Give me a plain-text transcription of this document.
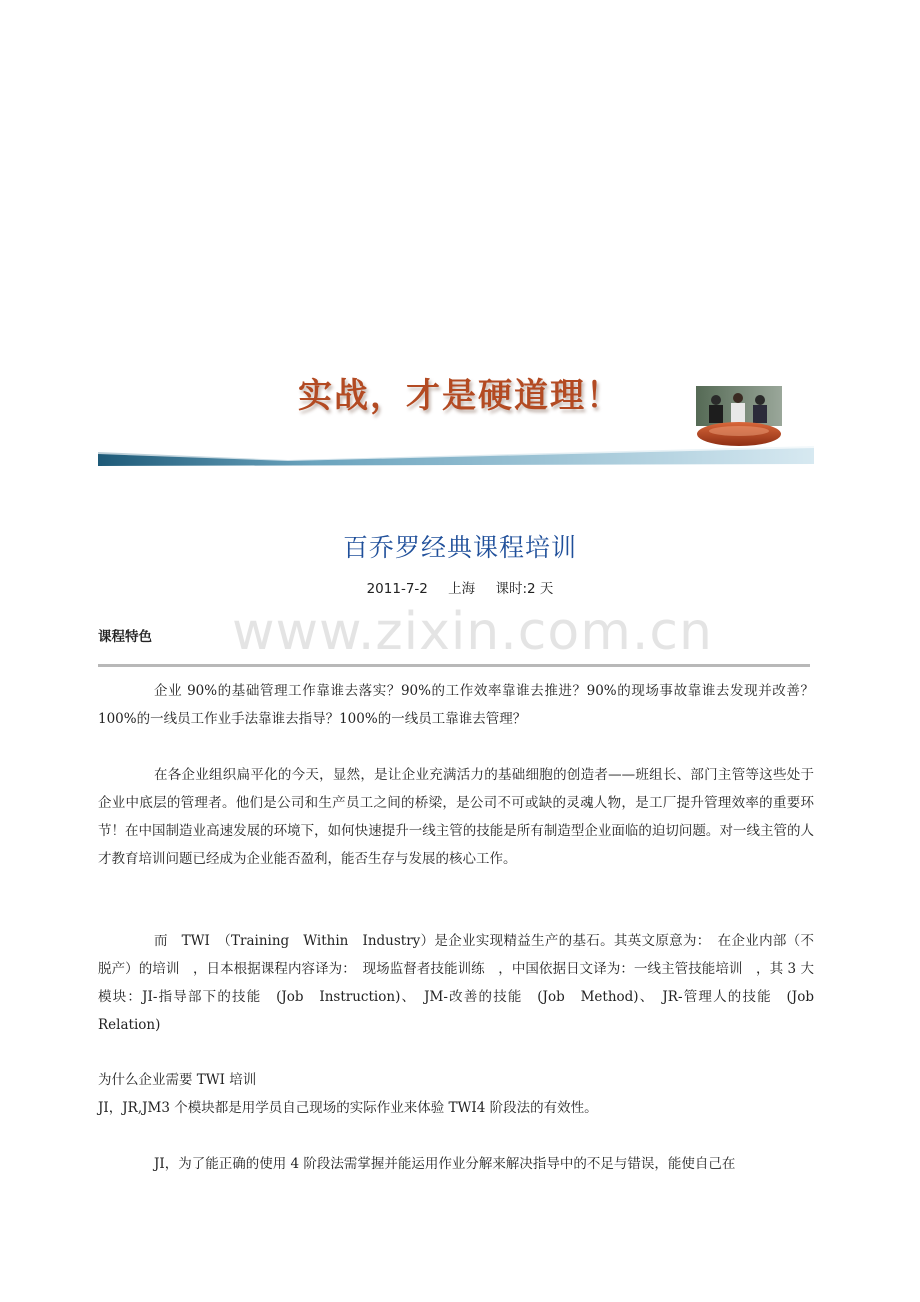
实战，才是硬道理！
百乔罗经典课程培训
2011-7-2 上海 课时:2 天
www.zixin.com.cn
课程特色
企业 90%的基础管理工作靠谁去落实？90%的工作效率靠谁去推进？90%的现场事故靠谁去发现并改善？100%的一线员工作业手法靠谁去指导？100%的一线员工靠谁去管理？
在各企业组织扁平化的今天，显然，是让企业充满活力的基础细胞的创造者——班组长、部门主管等这些处于企业中底层的管理者。他们是公司和生产员工之间的桥梁，是公司不可或缺的灵魂人物，是工厂提升管理效率的重要环节！在中国制造业高速发展的环境下，如何快速提升一线主管的技能是所有制造型企业面临的迫切问题。对一线主管的人才教育培训问题已经成为企业能否盈利，能否生存与发展的核心工作。
而　TWI　（Training　Within　Industry）是企业实现精益生产的基石。其英文原意为：　在企业内部（不脱产）的培训　，日本根据课程内容译为：　现场监督者技能训练　，中国依据日文译为：一线主管技能培训　，其 3 大模块：JI-指导部下的技能　(Job　Instruction)、　JM-改善的技能　(Job　Method)、　JR-管理人的技能　(Job　Relation)
为什么企业需要 TWI 培训
JI，JR,JM3 个模块都是用学员自己现场的实际作业来体验 TWI4 阶段法的有效性。
JI，为了能正确的使用 4 阶段法需掌握并能运用作业分解来解决指导中的不足与错误，能使自己在
